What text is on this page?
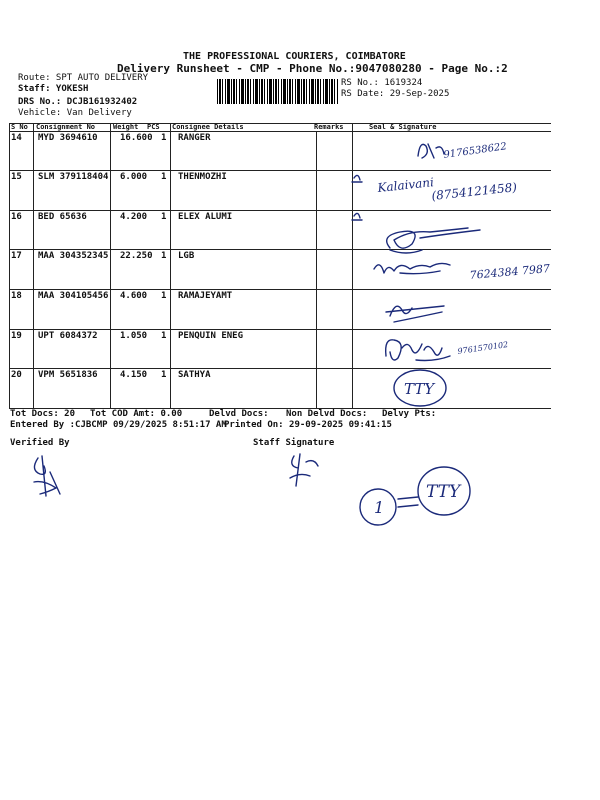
THE PROFESSIONAL COURIERS, COIMBATORE
Delivery Runsheet - CMP - Phone No.:9047080280 - Page No.:2
Route: SPT AUTO DELIVERY
Staff: YOKESH
DRS No.: DCJB161932402
Vehicle: Van Delivery
RS No.: 1619324
RS Date: 29-Sep-2025
S No Consignment No	Weight PCS Consignee Details	Remarks	Seal & Signature
14 MYD 3694610 16.600 1 RANGER
15 SLM 379118404 6.000 1 THENMOZHI
16 BED 65636	4.200 1 ELEX ALUMI
17 MAA 304352345 22.250 1 LGB
18 MAA 304105456 4.600 1 RAMAJEYAMT
19 UPT 6084372 1.050 1 PENQUIN ENEG
20 VPM 5651836 4.150 1 SATHYA
9176538622
Kalaivani
(8754121458)
7624384 7987
9761570102
TTY
Tot Docs: 20 Tot COD Amt: 0.00	Delvd Docs: Non Delvd Docs: Delvy Pts:
Entered By :CJBCMP 09/29/2025 8:51:17 AM
Printed On: 29-09-2025 09:41:15
Verified By	Staff Signature
1
TTY
